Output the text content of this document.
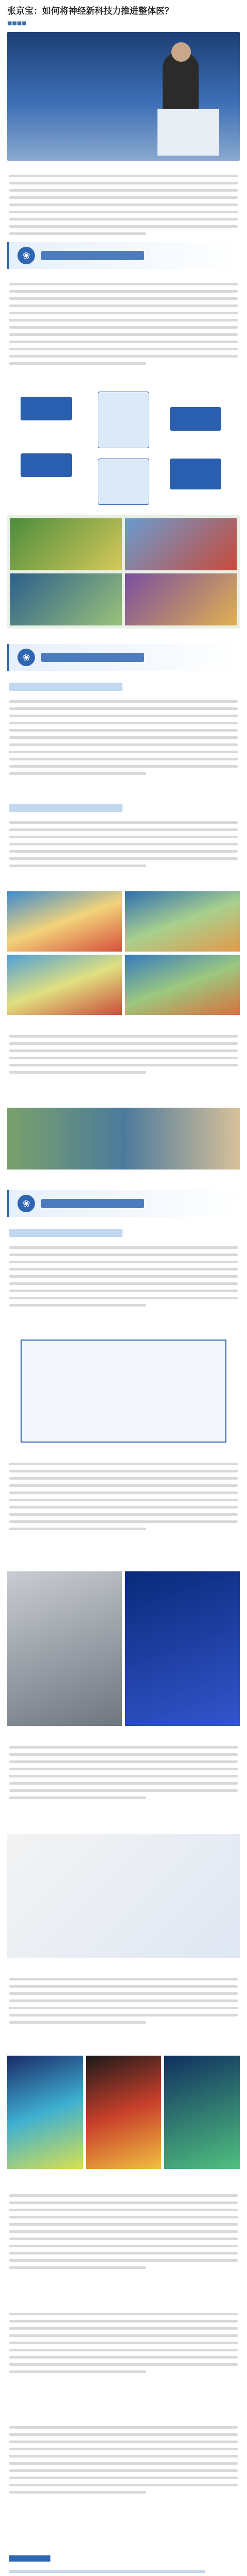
张京宝：如何将神经新科技力推进整体医？
■■■■
❀
❀
❀
